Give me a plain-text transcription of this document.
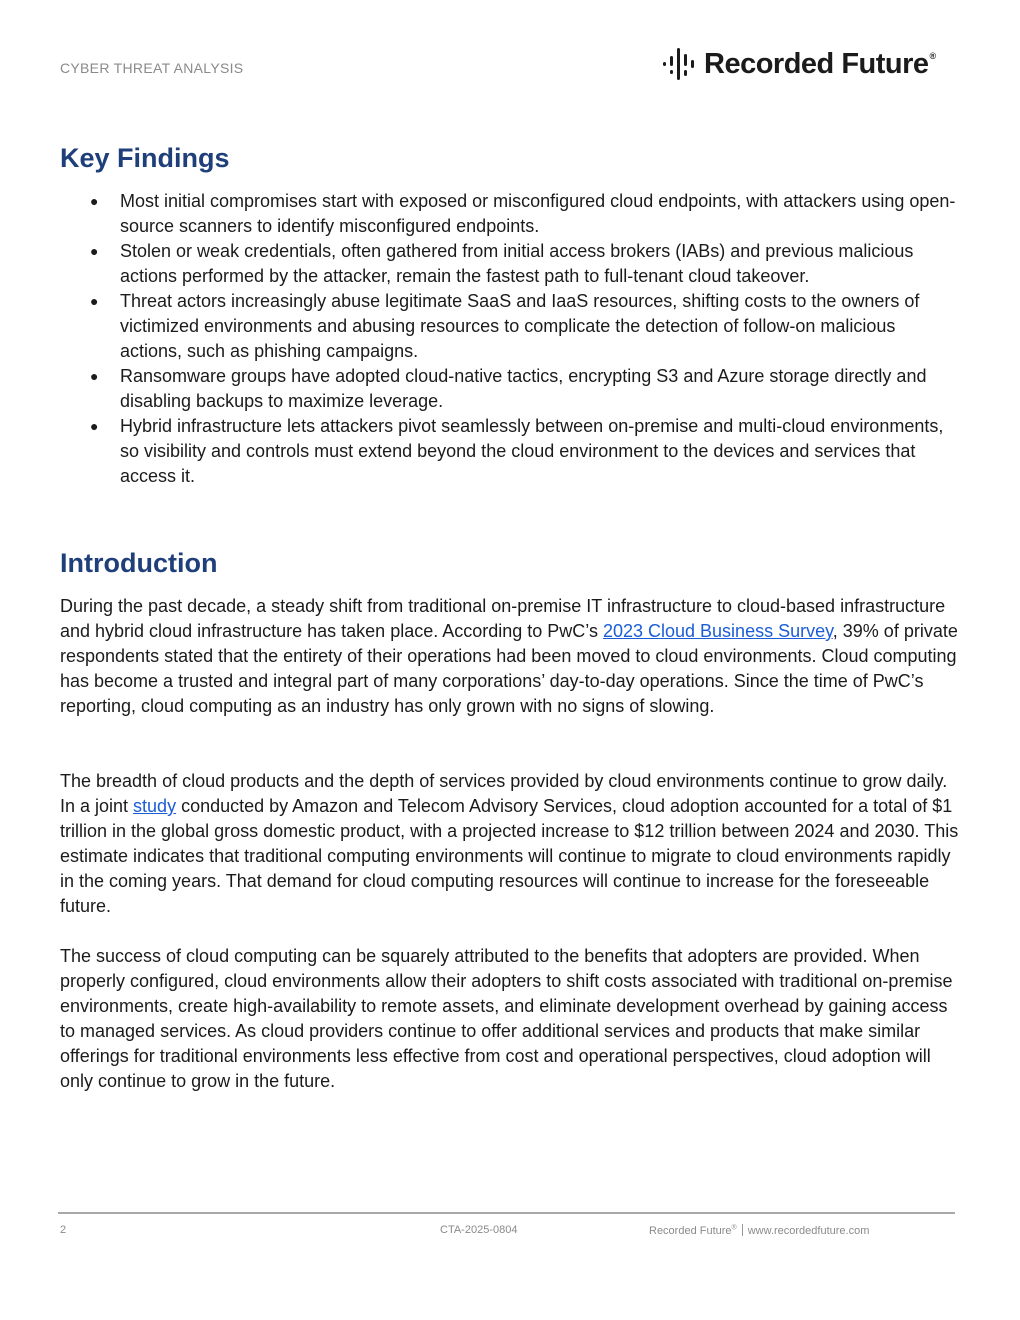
CYBER THREAT ANALYSIS	Recorded Future®
Key Findings
● Most initial compromises start with exposed or misconfigured cloud endpoints, with attackers using open-source scanners to identify misconfigured endpoints.
● Stolen or weak credentials, often gathered from initial access brokers (IABs) and previous malicious actions performed by the attacker, remain the fastest path to full-tenant cloud takeover.
● Threat actors increasingly abuse legitimate SaaS and IaaS resources, shifting costs to the owners of victimized environments and abusing resources to complicate the detection of follow-on malicious actions, such as phishing campaigns.
● Ransomware groups have adopted cloud-native tactics, encrypting S3 and Azure storage directly and disabling backups to maximize leverage.
● Hybrid infrastructure lets attackers pivot seamlessly between on-premise and multi-cloud environments, so visibility and controls must extend beyond the cloud environment to the devices and services that access it.
Introduction

During the past decade, a steady shift from traditional on-premise IT infrastructure to cloud-based infrastructure and hybrid cloud infrastructure has taken place. According to PwC’s 2023 Cloud Business Survey, 39% of private respondents stated that the entirety of their operations had been moved to cloud environments. Cloud computing has become a trusted and integral part of many corporations’ day-to-day operations. Since the time of PwC’s reporting, cloud computing as an industry has only grown with no signs of slowing.

The breadth of cloud products and the depth of services provided by cloud environments continue to grow daily. In a joint study conducted by Amazon and Telecom Advisory Services, cloud adoption accounted for a total of $1 trillion in the global gross domestic product, with a projected increase to $12 trillion between 2024 and 2030. This estimate indicates that traditional computing environments will continue to migrate to cloud environments rapidly in the coming years. That demand for cloud computing resources will continue to increase for the foreseeable future.

The success of cloud computing can be squarely attributed to the benefits that adopters are provided. When properly configured, cloud environments allow their adopters to shift costs associated with traditional on-premise environments, create high-availability to remote assets, and eliminate development overhead by gaining access to managed services. As cloud providers continue to offer additional services and products that make similar offerings for traditional environments less effective from cost and operational perspectives, cloud adoption will only continue to grow in the future.

2	CTA-2025-0804	Recorded Future® www.recordedfuture.com
